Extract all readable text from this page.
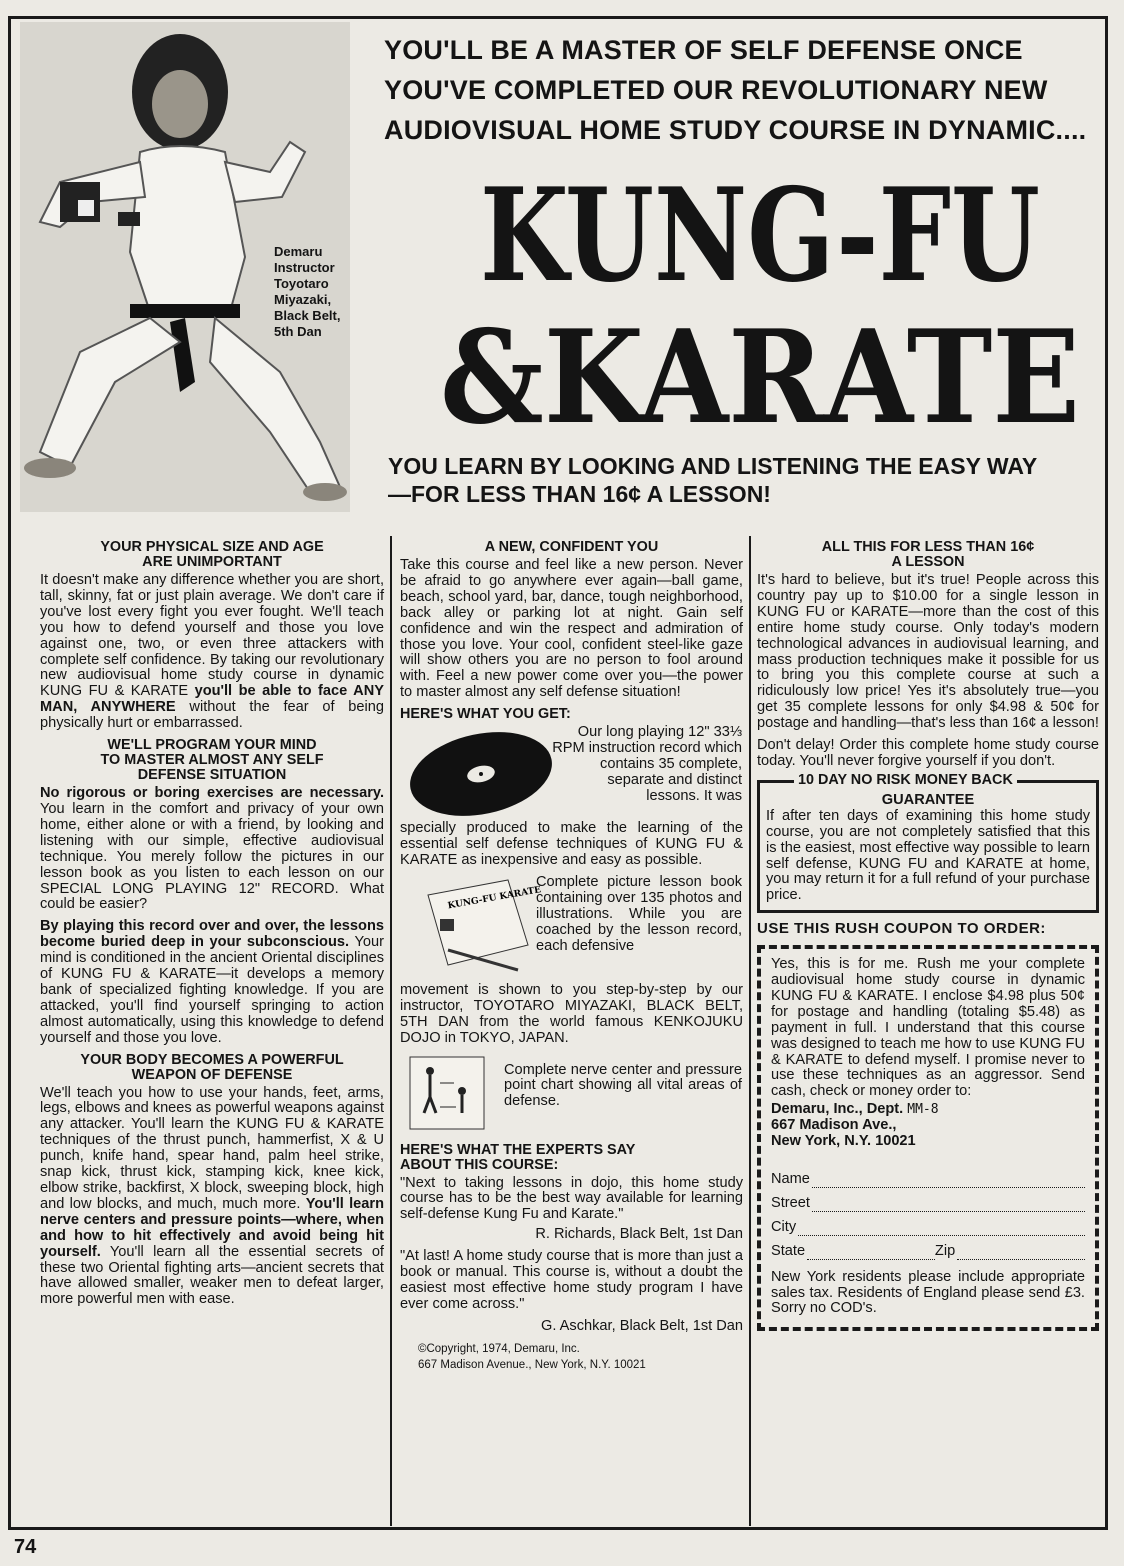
Demaru Instructor
Toyotaro Miyazaki,
Black Belt,
5th Dan
YOU'LL BE A MASTER OF SELF DEFENSE ONCE
YOU'VE COMPLETED OUR REVOLUTIONARY NEW
AUDIOVISUAL HOME STUDY COURSE IN DYNAMIC....
KUNG-FU
&KARATE
YOU LEARN BY LOOKING AND LISTENING THE EASY WAY
—FOR LESS THAN 16¢ A LESSON!
YOUR PHYSICAL SIZE AND AGE
ARE UNIMPORTANT

It doesn't make any difference whether you are short, tall, skinny, fat or just plain average. We don't care if you've lost every fight you ever fought. We'll teach you how to defend yourself and those you love against one, two, or even three attackers with complete self confidence. By taking our revolutionary new audiovisual home study course in dynamic KUNG FU & KARATE you'll be able to face ANY MAN, ANYWHERE without the fear of being physically hurt or embarrassed.

WE'LL PROGRAM YOUR MIND
TO MASTER ALMOST ANY SELF
DEFENSE SITUATION

No rigorous or boring exercises are necessary. You learn in the comfort and privacy of your own home, either alone or with a friend, by looking and listening with our simple, effective audiovisual technique. You merely follow the pictures in our lesson book as you listen to each lesson on our SPECIAL LONG PLAYING 12" RECORD. What could be easier?

By playing this record over and over, the lessons become buried deep in your subconscious. Your mind is conditioned in the ancient Oriental disciplines of KUNG FU & KARATE—it develops a memory bank of specialized fighting knowledge. If you are attacked, you'll find yourself springing to action almost automatically, using this knowledge to defend yourself and those you love.

YOUR BODY BECOMES A POWERFUL
WEAPON OF DEFENSE

We'll teach you how to use your hands, feet, arms, legs, elbows and knees as powerful weapons against any attacker. You'll learn the KUNG FU & KARATE techniques of the thrust punch, hammerfist, X & U punch, knife hand, spear hand, palm heel strike, snap kick, thrust kick, stamping kick, knee kick, elbow strike, backfirst, X block, sweeping block, high and low blocks, and much, much more. You'll learn nerve centers and pressure points—where, when and how to hit effectively and avoid being hit yourself. You'll learn all the essential secrets of these two Oriental fighting arts—ancient secrets that have allowed smaller, weaker men to defeat larger, more powerful men with ease.

A NEW, CONFIDENT YOU

Take this course and feel like a new person. Never be afraid to go anywhere ever again—ball game, beach, school yard, bar, dance, tough neighborhood, back alley or parking lot at night. Gain self confidence and win the respect and admiration of those you love. Your cool, confident steel-like gaze will show others you are no person to fool around with. Feel a new power come over you—the power to master almost any self defense situation!

HERE'S WHAT YOU GET:
Our long playing 12" 33⅓ RPM instruction record which contains 35 complete, separate and distinct lessons. It was

specially produced to make the learning of the essential self defense techniques of KUNG FU & KARATE as inexpensive and easy as possible.

KUNG-FU KARATE
Complete picture lesson book containing over 135 photos and illustrations. While you are coached by the lesson record, each defensive

movement is shown to you step-by-step by our instructor, TOYOTARO MIYAZAKI, BLACK BELT, 5TH DAN from the world famous KENKOJUKU DOJO in TOKYO, JAPAN.

Complete nerve center and pressure point chart showing all vital areas of defense.
HERE'S WHAT THE EXPERTS SAY
ABOUT THIS COURSE:

"Next to taking lessons in dojo, this home study course has to be the best way available for learning self-defense Kung Fu and Karate."

R. Richards, Black Belt, 1st Dan

"At last! A home study course that is more than just a book or manual. This course is, without a doubt the easiest most effective home study program I have ever come across."

G. Aschkar, Black Belt, 1st Dan

©Copyright, 1974, Demaru, Inc.
667 Madison Avenue., New York, N.Y. 10021
ALL THIS FOR LESS THAN 16¢
A LESSON

It's hard to believe, but it's true! People across this country pay up to $10.00 for a single lesson in KUNG FU or KARATE—more than the cost of this entire home study course. Only today's modern technological advances in audiovisual learning, and mass production techniques make it possible for us to bring you this complete course at such a ridiculously low price! Yes it's absolutely true—you get 35 complete lessons for only $4.98 & 50¢ for postage and handling—that's less than 16¢ a lesson!

Don't delay! Order this complete home study course today. You'll never forgive yourself if you don't.

10 DAY NO RISK MONEY BACK
GUARANTEE
If after ten days of examining this home study course, you are not completely satisfied that this is the easiest, most effective way possible to learn self defense, KUNG FU and KARATE at home, you may return it for a full refund of your purchase price.
USE THIS RUSH COUPON TO ORDER:
Yes, this is for me. Rush me your complete audiovisual home study course in dynamic KUNG FU & KARATE. I enclose $4.98 plus 50¢ for postage and handling (totaling $5.48) as payment in full. I understand that this course was designed to teach me how to use KUNG FU & KARATE to defend myself. I promise never to use these techniques as an aggressor. Send cash, check or money order to:
Demaru, Inc., Dept. MM-8
667 Madison Ave.,
New York, N.Y. 10021
Name
Street
City
State	Zip
New York residents please include appropriate sales tax. Residents of England please send £3. Sorry no COD's.
74
